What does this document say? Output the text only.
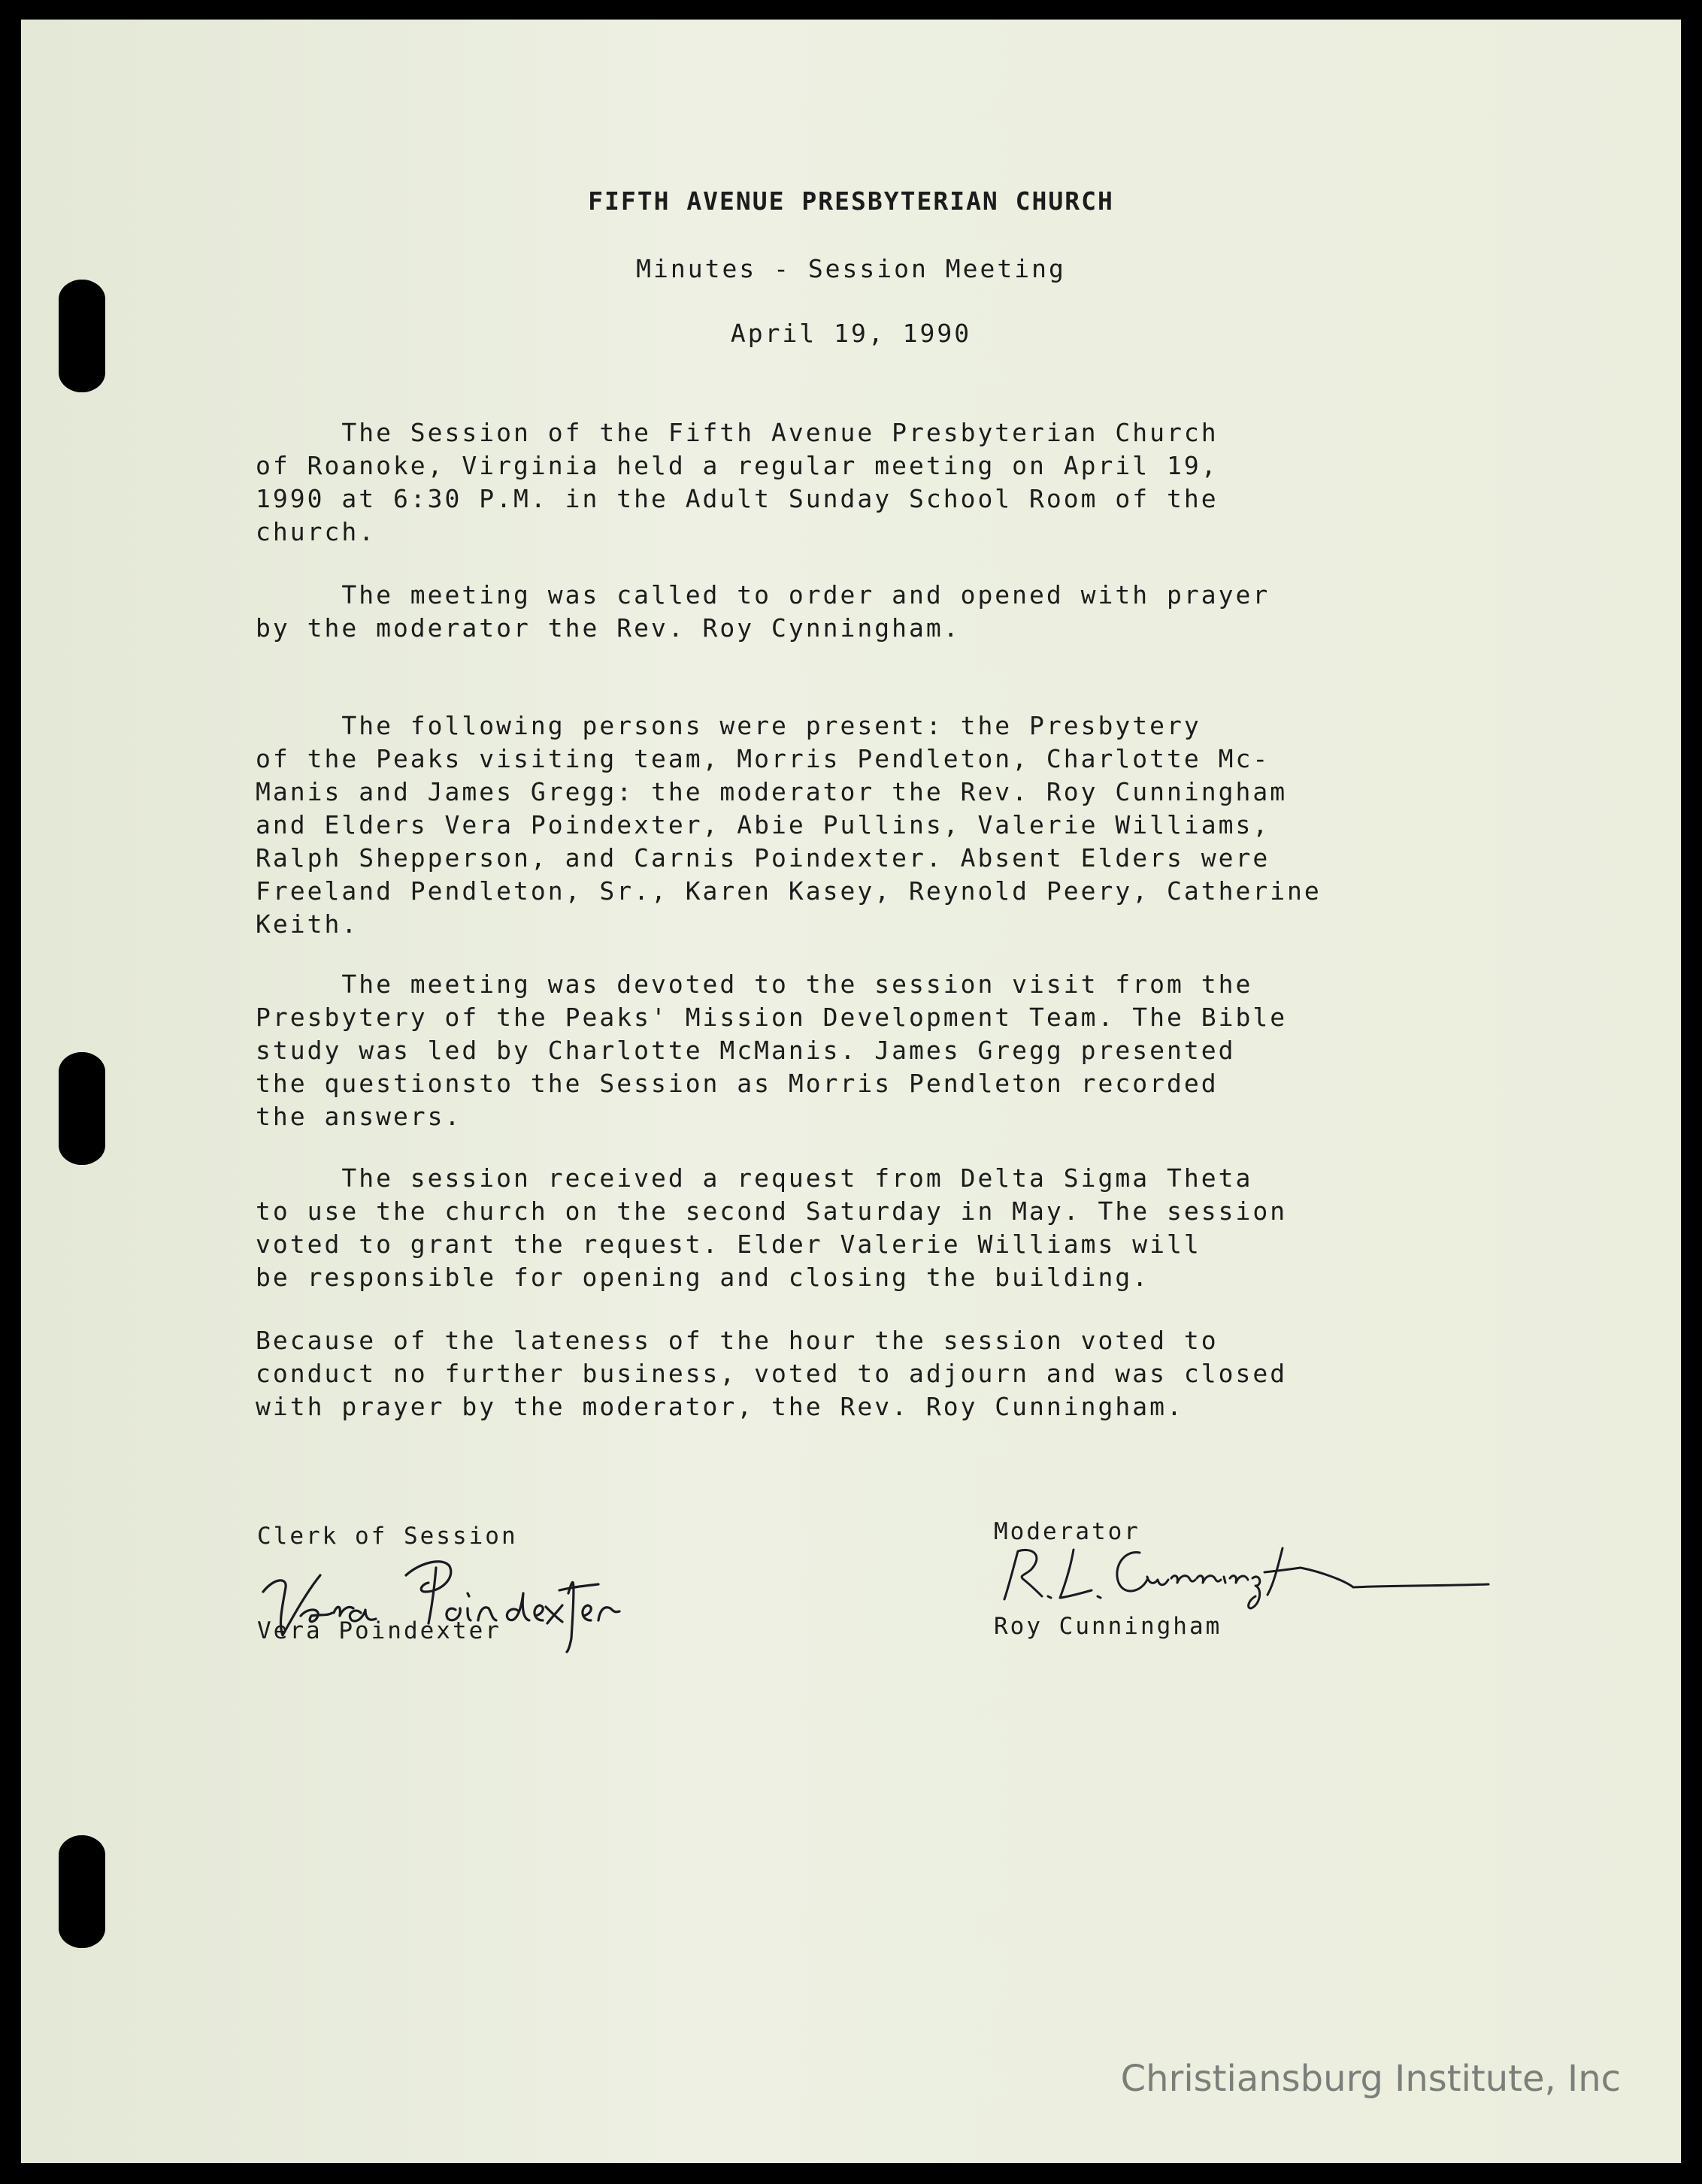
FIFTH AVENUE PRESBYTERIAN CHURCH
Minutes - Session Meeting
April 19, 1990

The Session of the Fifth Avenue Presbyterian Church
of Roanoke, Virginia held a regular meeting on April 19,
1990 at 6:30 P.M. in the Adult Sunday School Room of the
church.

The meeting was called to order and opened with prayer
by the moderator the Rev. Roy Cynningham.

The following persons were present: the Presbytery
of the Peaks visiting team, Morris Pendleton, Charlotte Mc-
Manis and James Gregg: the moderator the Rev. Roy Cunningham
and Elders Vera Poindexter, Abie Pullins, Valerie Williams,
Ralph Shepperson, and Carnis Poindexter. Absent Elders were
Freeland Pendleton, Sr., Karen Kasey, Reynold Peery, Catherine
Keith.

The meeting was devoted to the session visit from the
Presbytery of the Peaks' Mission Development Team. The Bible
study was led by Charlotte McManis. James Gregg presented
the questionsto the Session as Morris Pendleton recorded
the answers.

The session received a request from Delta Sigma Theta
to use the church on the second Saturday in May. The session
voted to grant the request. Elder Valerie Williams will
be responsible for opening and closing the building.

Because of the lateness of the hour the session voted to
conduct no further business, voted to adjourn and was closed
with prayer by the moderator, the Rev. Roy Cunningham.

Clerk of Session
Vera Poindexter
Moderator
Roy Cunningham
Christiansburg Institute, Inc
